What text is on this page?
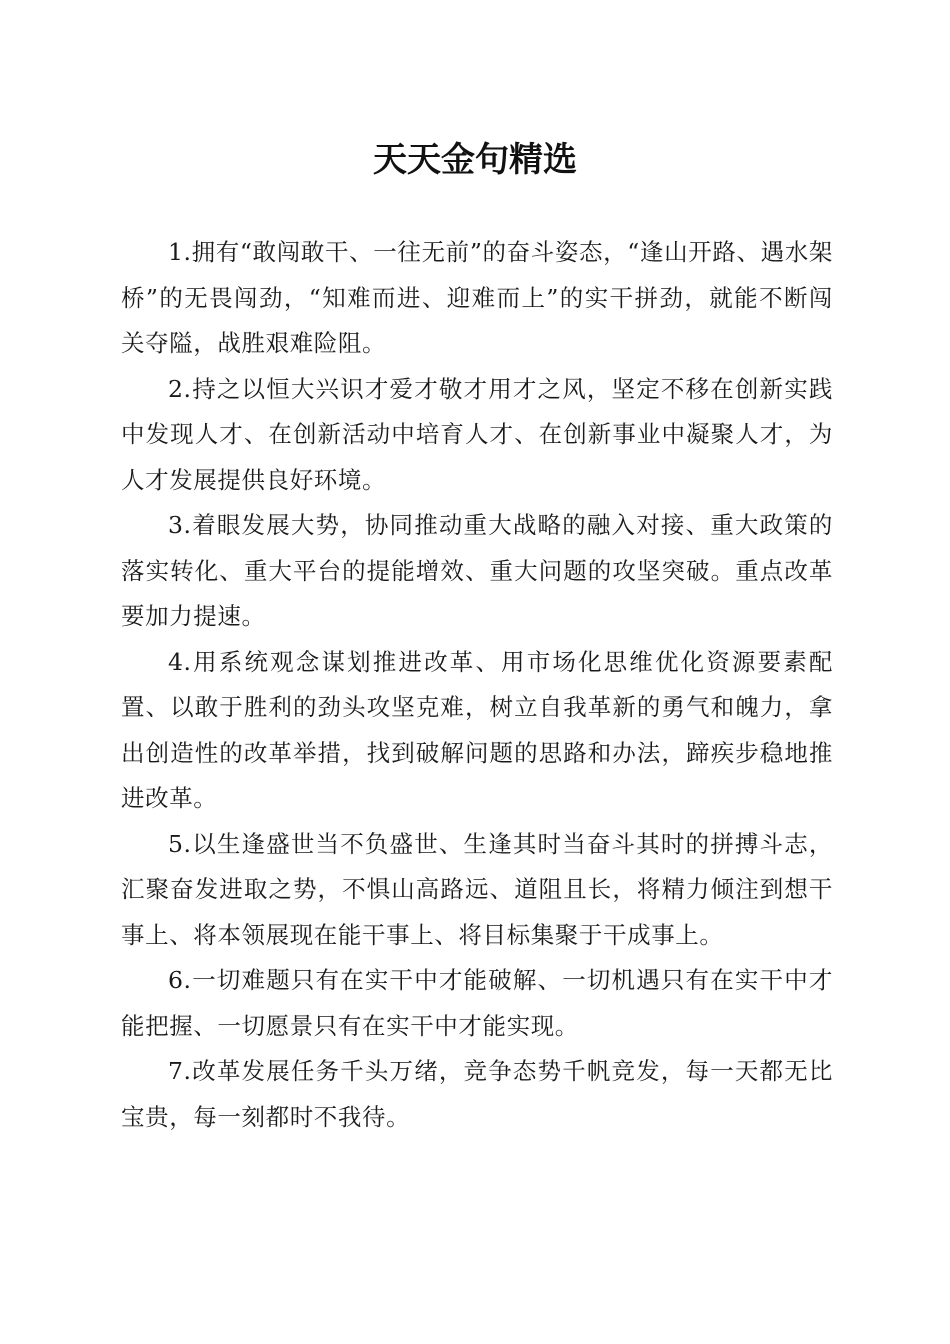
天天金句精选

1.拥有“敢闯敢干、一往无前”的奋斗姿态，“逢山开路、遇水架桥”的无畏闯劲，“知难而进、迎难而上”的实干拼劲，就能不断闯关夺隘，战胜艰难险阻。

2.持之以恒大兴识才爱才敬才用才之风，坚定不移在创新实践中发现人才、在创新活动中培育人才、在创新事业中凝聚人才，为人才发展提供良好环境。

3.着眼发展大势，协同推动重大战略的融入对接、重大政策的落实转化、重大平台的提能增效、重大问题的攻坚突破。重点改革要加力提速。

4.用系统观念谋划推进改革、用市场化思维优化资源要素配置、以敢于胜利的劲头攻坚克难，树立自我革新的勇气和魄力，拿出创造性的改革举措，找到破解问题的思路和办法，蹄疾步稳地推进改革。

5.以生逢盛世当不负盛世、生逢其时当奋斗其时的拼搏斗志，汇聚奋发进取之势，不惧山高路远、道阻且长，将精力倾注到想干事上、将本领展现在能干事上、将目标集聚于干成事上。

6.一切难题只有在实干中才能破解、一切机遇只有在实干中才能把握、一切愿景只有在实干中才能实现。

7.改革发展任务千头万绪，竞争态势千帆竞发，每一天都无比宝贵，每一刻都时不我待。
